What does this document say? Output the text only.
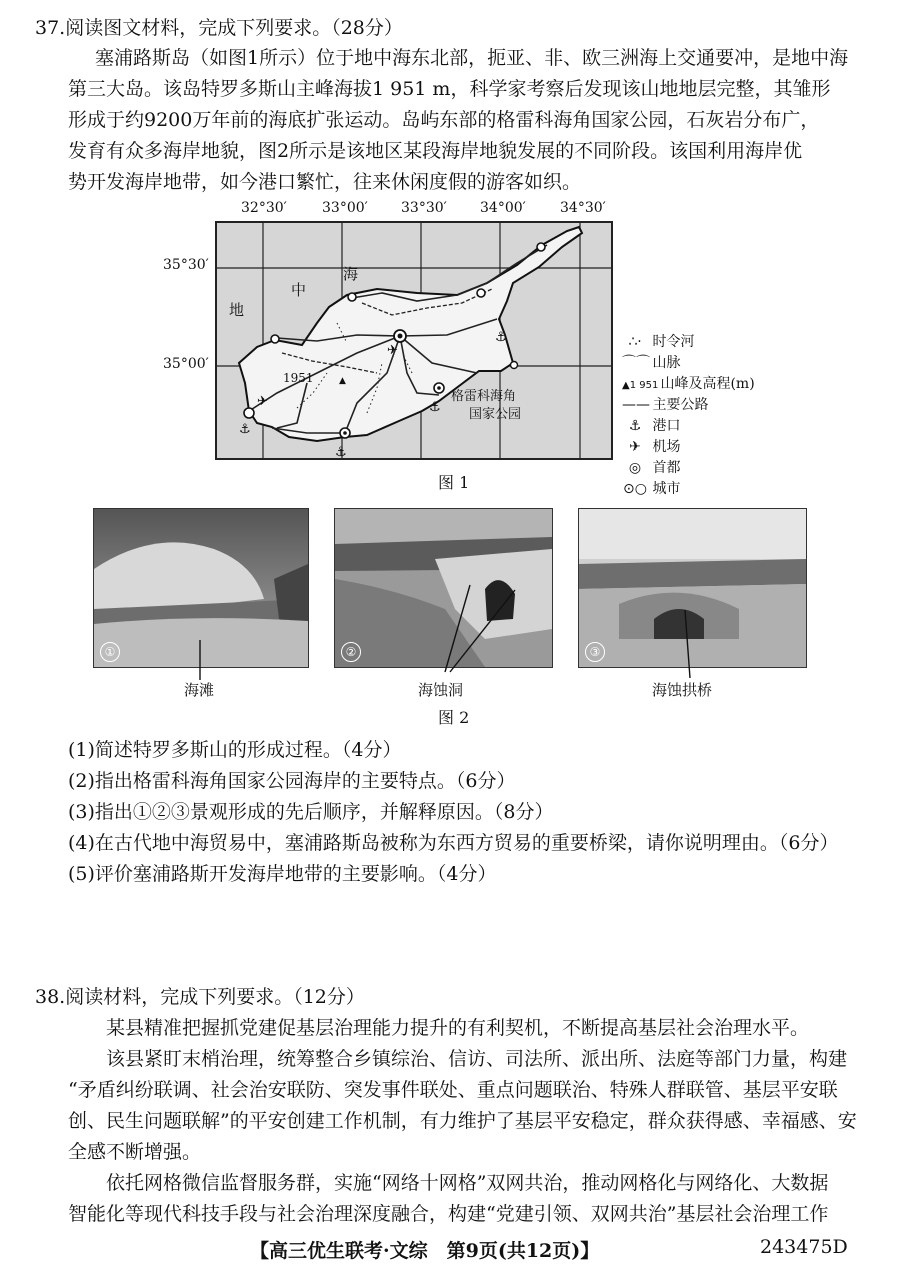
37.阅读图文材料，完成下列要求。（28分）
塞浦路斯岛（如图1所示）位于地中海东北部，扼亚、非、欧三洲海上交通要冲，是地中海
第三大岛。该岛特罗多斯山主峰海拔1 951 m，科学家考察后发现该山地地层完整，其雏形
形成于约9200万年前的海底扩张运动。岛屿东部的格雷科海角国家公园，石灰岩分布广，
发育有众多海岸地貌，图2所示是该地区某段海岸地貌发展的不同阶段。该国利用海岸优
势开发海岸地带，如今港口繁忙，往来休闲度假的游客如织。
32°30′	33°00′ 33°30′ 34°00′ 34°30′
35°30′
35°00′
⚓
⚓
⚓
⚓
✈
✈
▲
地
中
海
1951
格雷科海角
国家公园
∴· 时令河
⌒⌒ 山脉
▲1 951 山峰及高程(m)
—— 主要公路
⚓ 港口
✈ 机场
◎ 首都
⊙○ 城市
图 1
①	②	③
海滩	海蚀洞	海蚀拱桥
图 2
(1)简述特罗多斯山的形成过程。（4分）
(2)指出格雷科海角国家公园海岸的主要特点。（6分）
(3)指出①②③景观形成的先后顺序，并解释原因。（8分）
(4)在古代地中海贸易中，塞浦路斯岛被称为东西方贸易的重要桥梁，请你说明理由。（6分）
(5)评价塞浦路斯开发海岸地带的主要影响。（4分）
38.阅读材料，完成下列要求。（12分）
某县精准把握抓党建促基层治理能力提升的有利契机，不断提高基层社会治理水平。
该县紧盯末梢治理，统筹整合乡镇综治、信访、司法所、派出所、法庭等部门力量，构建
“矛盾纠纷联调、社会治安联防、突发事件联处、重点问题联治、特殊人群联管、基层平安联
创、民生问题联解”的平安创建工作机制，有力维护了基层平安稳定，群众获得感、幸福感、安
全感不断增强。
依托网格微信监督服务群，实施“网络十网格”双网共治，推动网格化与网络化、大数据
智能化等现代科技手段与社会治理深度融合，构建“党建引领、双网共治”基层社会治理工作
【高三优生联考·文综　第9页(共12页)】	243475D
